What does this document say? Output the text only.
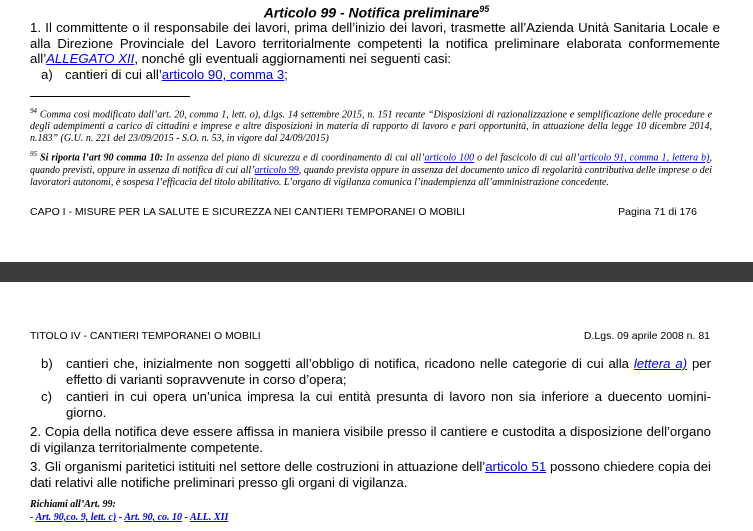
Articolo 99 - Notifica preliminare$^{95}$
1. Il committente o il responsabile dei lavori, prima dell’inizio dei lavori, trasmette all’Azienda Unità Sanitaria Locale e alla Direzione Provinciale del Lavoro territorialmente competenti la notifica preliminare elaborata conformemente all’ALLEGATO XII, nonché gli eventuali aggiornamenti nei seguenti casi:
a) cantieri di cui all’articolo 90, comma 3;

$^{94}$ Comma così modificato dall’art. 20, comma 1, lett. o), d.lgs. 14 settembre 2015, n. 151 recante “Disposizioni di razionalizzazione e semplificazione delle procedure e degli adempimenti a carico di cittadini e imprese e altre disposizioni in materia di rapporto di lavoro e pari opportunità, in attuazione della legge 10 dicembre 2014, n.183” (G.U. n. 221 del 23/09/2015 - S.O. n. 53, in vigore dal 24/09/2015)

$^{95}$ Si riporta l’art 90 comma 10: In assenza del piano di sicurezza e di coordinamento di cui all’articolo 100 o del fascicolo di cui all’articolo 91, comma 1, lettera b), quando previsti, oppure in assenza di notifica di cui all’articolo 99, quando prevista oppure in assenza del documento unico di regolarità contributiva delle imprese o dei lavoratori autonomi, è sospesa l’efficacia del titolo abilitativo. L’organo di vigilanza comunica l’inadempienza all’amministrazione concedente.

CAPO I - MISURE PER LA SALUTE E SICUREZZA NEI CANTIERI TEMPORANEI O MOBILI	Pagina 71 di 176
TITOLO IV - CANTIERI TEMPORANEI O MOBILI	D.Lgs. 09 aprile 2008 n. 81
b)	cantieri che, inizialmente non soggetti all’obbligo di notifica, ricadono nelle categorie di cui alla lettera a) per effetto di varianti sopravvenute in corso d’opera;
c)	cantieri in cui opera un’unica impresa la cui entità presunta di lavoro non sia inferiore a duecento uomini-giorno.
2. Copia della notifica deve essere affissa in maniera visibile presso il cantiere e custodita a disposizione dell’organo di vigilanza territorialmente competente.
3. Gli organismi paritetici istituiti nel settore delle costruzioni in attuazione dell’articolo 51 possono chiedere copia dei dati relativi alle notifiche preliminari presso gli organi di vigilanza.
Richiami all’Art. 99:
- Art. 90,co. 9, lett. c) - Art. 90, co. 10 - ALL. XII
